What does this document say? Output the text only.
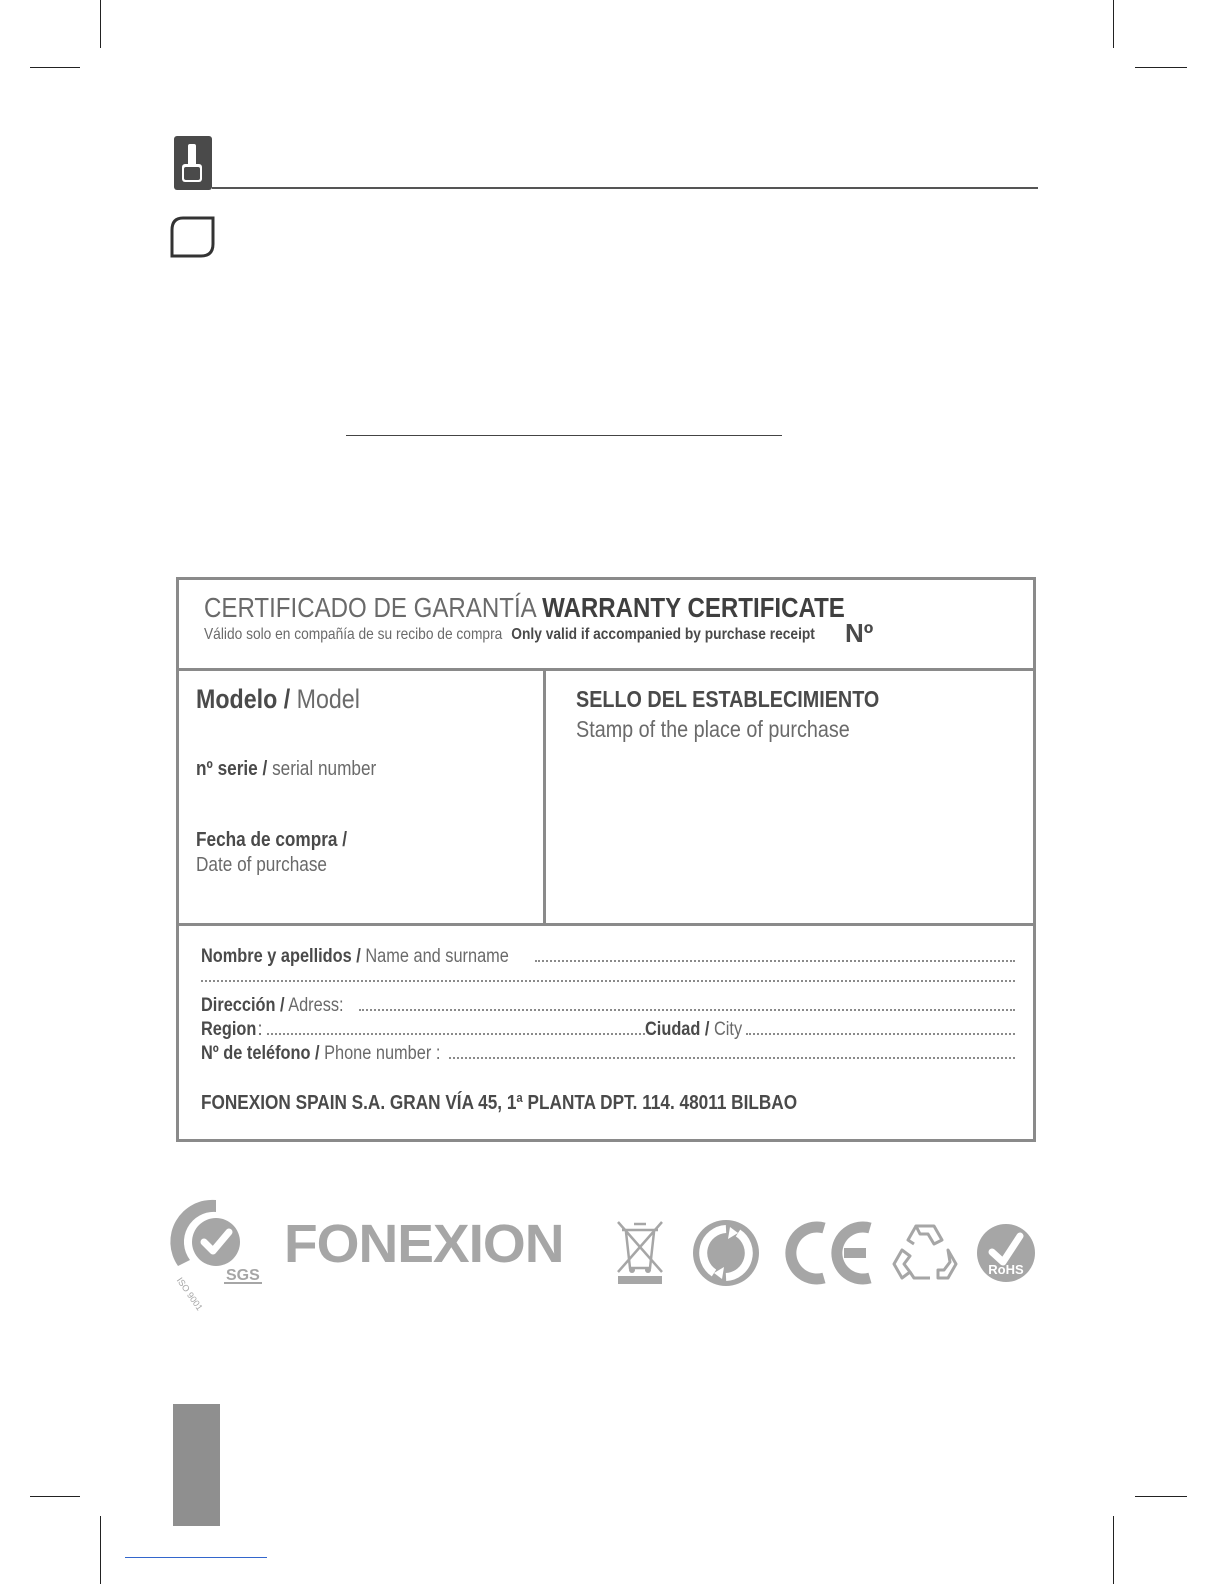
CERTIFICADO DE GARANTÍA WARRANTY CERTIFICATE
Válido solo en compañía de su recibo de compra Only valid if accompanied by purchase receipt	Nº
Modelo / Model
nº serie / serial number
Fecha de compra /
Date of purchase
SELLO DEL ESTABLECIMIENTO
Stamp of the place of purchase
Nombre y apellidos / Name and surname
Dirección / Adress:
Region :	Ciudad / City
Nº de teléfono / Phone number :
FONEXION SPAIN S.A. GRAN VÍA 45, 1ª PLANTA DPT. 114. 48011 BILBAO
ISO 9001
SGS
FONEXION	RoHS
